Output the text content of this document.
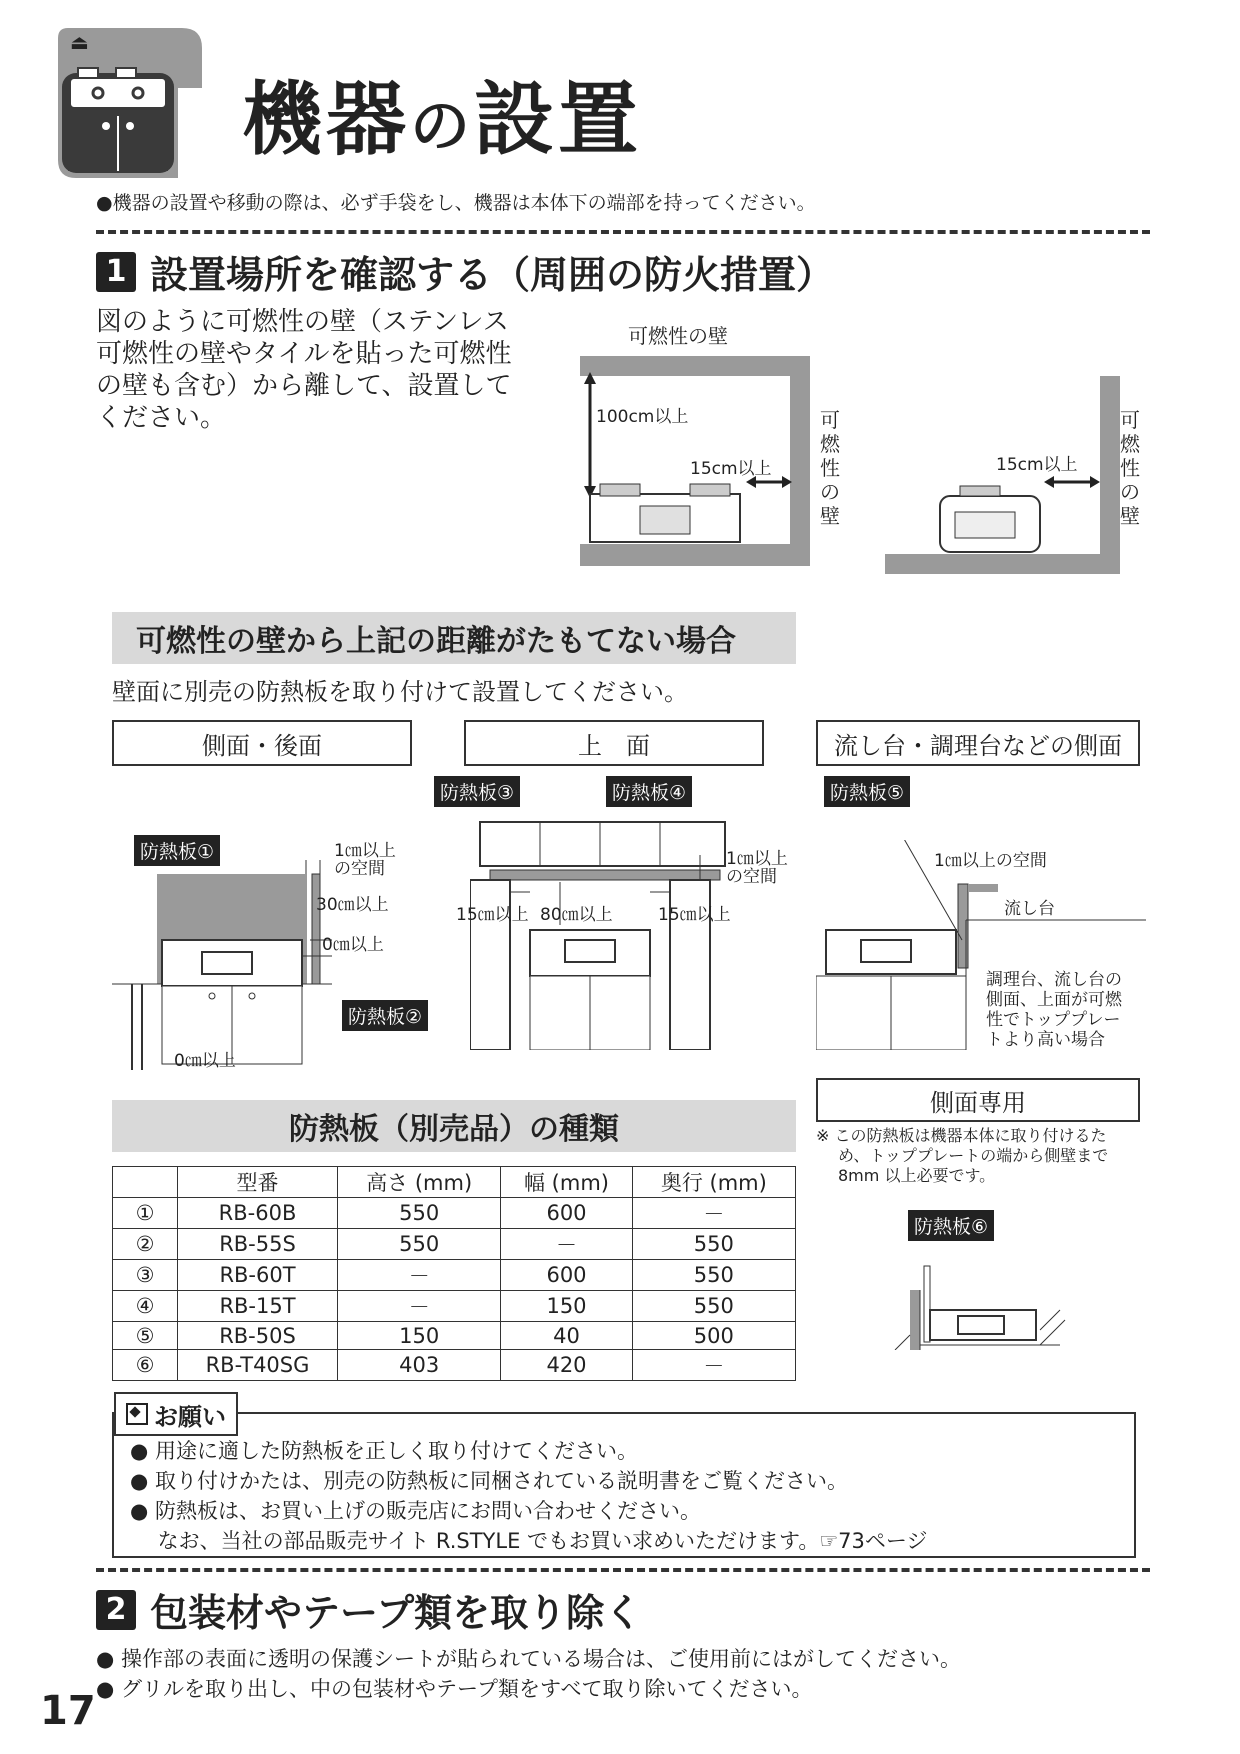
⏏
機器の設置
●機器の設置や移動の際は、必ず手袋をし、機器は本体下の端部を持ってください。
1 設置場所を確認する（周囲の防火措置）
図のように可燃性の壁（ステンレス
可燃性の壁やタイルを貼った可燃性
の壁も含む）から離して、設置して
ください。
可燃性の壁
100cm以上
15cm以上	15cm以上
可燃性の壁
可燃性の壁
可燃性の壁から上記の距離がたもてない場合
壁面に別売の防熱板を取り付けて設置してください。
側面・後面	上　面	流し台・調理台などの側面
防熱板①
防熱板②
1㎝以上
の空間
30㎝以上
0㎝以上
0㎝以上
防熱板③	防熱板④
1㎝以上
の空間
15㎝以上 80㎝以上	15㎝以上
防熱板⑤
1㎝以上の空間
流し台
調理台、流し台の
側面、上面が可燃
性でトッププレー
トより高い場合
側面専用
※ この防熱板は機器本体に取り付けるた
め、トッププレートの端から側壁まで
8mm 以上必要です。
防熱板⑥
防熱板（別売品）の種類
	型番	高さ (mm)	幅 (mm)	奥行 (mm)
①	RB-60B	550	600	－
②	RB-55S	550	－	550
③	RB-60T	－	600	550
④	RB-15T	－	150	550
⑤	RB-50S	150	40	500
⑥	RB-T40SG	403	420	－
お願い
● 用途に適した防熱板を正しく取り付けてください。
● 取り付けかたは、別売の防熱板に同梱されている説明書をご覧ください。
● 防熱板は、お買い上げの販売店にお問い合わせください。
　 なお、当社の部品販売サイト R.STYLE でもお買い求めいただけます。☞73ページ
2 包装材やテープ類を取り除く
● 操作部の表面に透明の保護シートが貼られている場合は、ご使用前にはがしてください。
● グリルを取り出し、中の包装材やテープ類をすべて取り除いてください。
17
